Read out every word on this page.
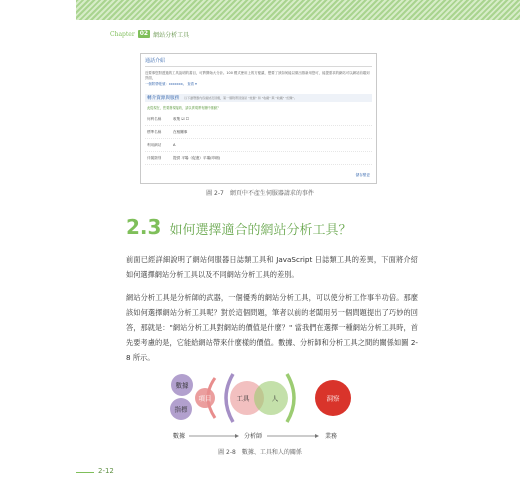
Chapter 02 網站分析工具
通話介紹
近要事您對透過的工具說明的書目，可將開始大分計。100 模式使用上的方便讓，想要了該如何能以做出推新用您可，能提需求的網站可以網站前端到頁面，
一個附帶帳號：xxxxxxx。 查看 ▾
轉介資源與服務 以下瀏覽器內容連結及回覆，第一個附帶回到是 "放棄" 和 "收藏" 與 "收藏" "記錄"。
此從現在，您要發現接收，請以實現將有關中推動？
何利名稱	收集 ☑ ☐
標準名稱	在相關事
利用網站	A
伴隨類別	提供 平場（促進）平場(印刷)
儲存變更
圖 2-7　網頁中不產生伺服器請求的事件
2.3 如何選擇適合的網站分析工具？
前面已經詳細說明了網站伺服器日誌類工具和 JavaScript 日誌類工具的差異，下面將介紹如何選擇網站分析工具以及不同網站分析工具的差別。
網站分析工具是分析師的武器，一個優秀的網站分析工具，可以使分析工作事半功倍。那麼該如何選擇網站分析工具呢？對於這個問題，筆者以前的老闆用另一個問題提出了巧妙的回答，那就是："網站分析工具對網站的價值是什麼？" 當我們在選擇一種網站分析工具時，首先要考慮的是，它能給網站帶來什麼樣的價值。數據、分析師和分析工具之間的關係如圖 2-8 所示。
數據
指標
項目	工具	人	洞察
數據	分析師	業務
圖 2-8　數據、工具和人的關係
2-12
